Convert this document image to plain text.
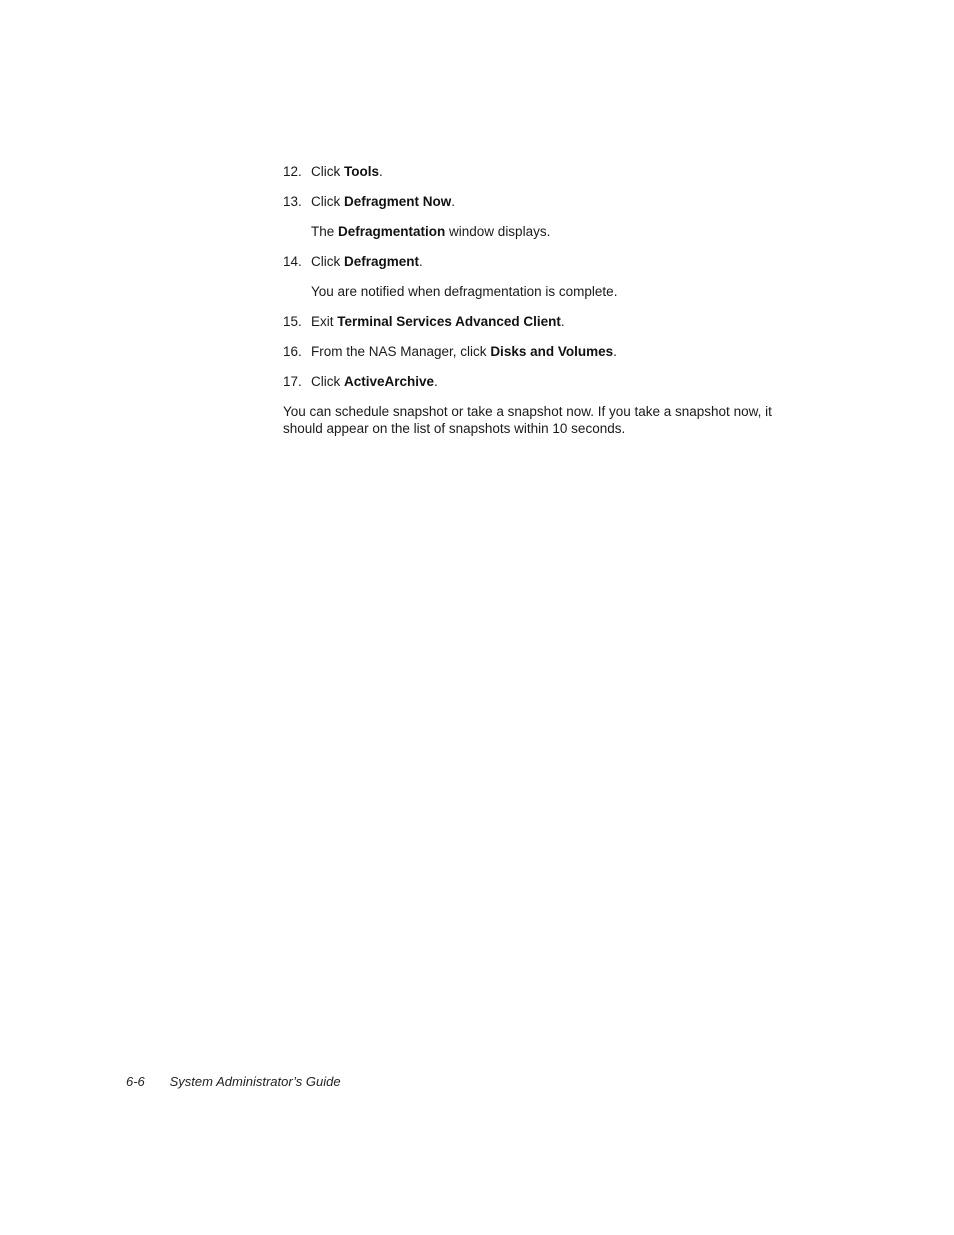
12. Click Tools.
13. Click Defragment Now.
The Defragmentation window displays.
14. Click Defragment.
You are notified when defragmentation is complete.
15. Exit Terminal Services Advanced Client.
16. From the NAS Manager, click Disks and Volumes.
17. Click ActiveArchive.

You can schedule snapshot or take a snapshot now. If you take a snapshot now, it should appear on the list of snapshots within 10 seconds.

6-6 System Administrator’s Guide
